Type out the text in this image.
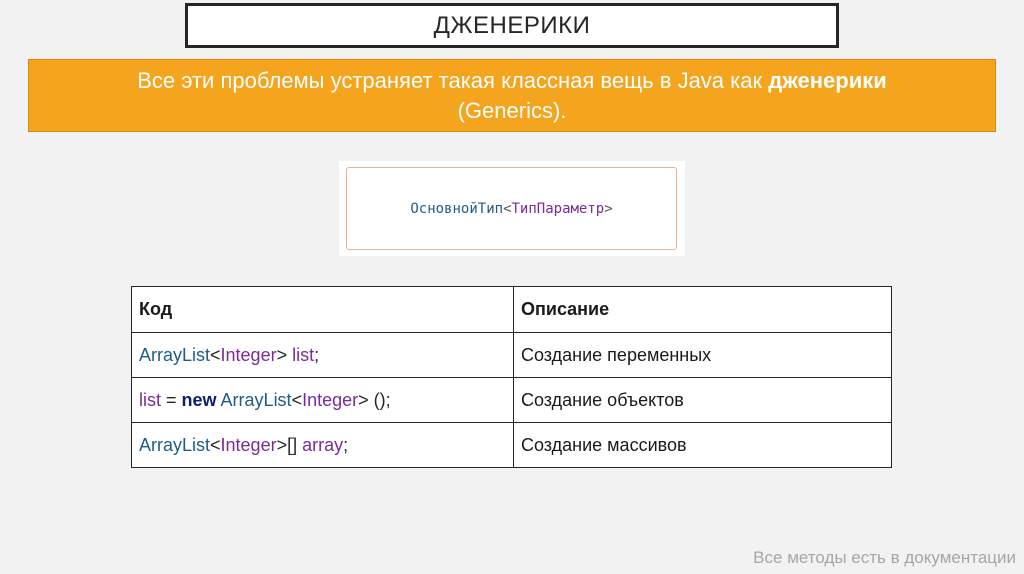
ДЖЕНЕРИКИ
Все эти проблемы устраняет такая классная вещь в Java как дженерики
(Generics).
ОсновнойТип < ТипПараметр >
Код	Описание
ArrayList<Integer> list;	Создание переменных
list = new ArrayList<Integer> ();	Создание объектов
ArrayList<Integer>[] array;	Создание массивов
Все методы есть в документации
